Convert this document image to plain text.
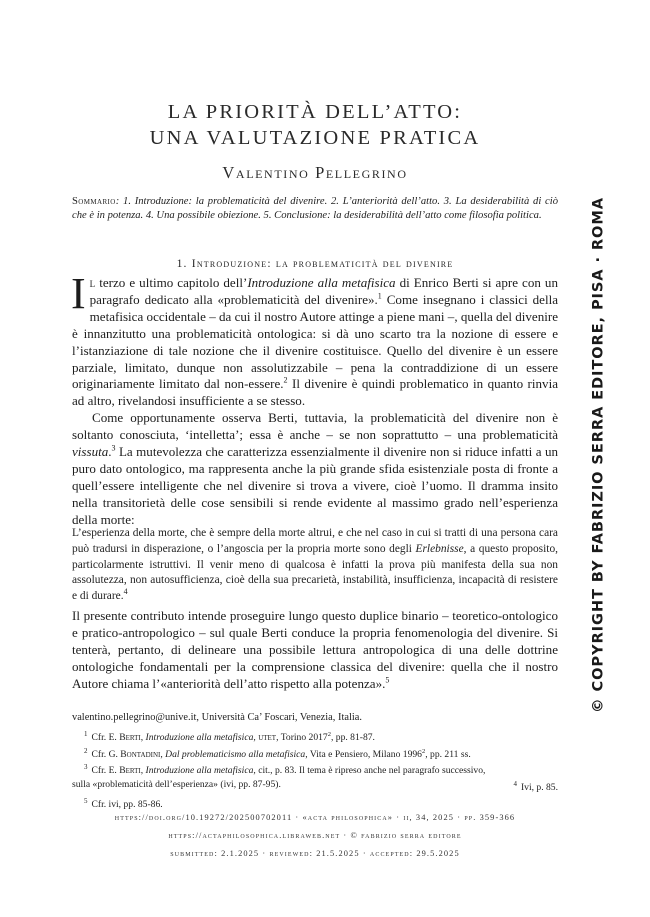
LA PRIORITÀ DELL’ATTO:
UNA VALUTAZIONE PRATICA
Valentino Pellegrino
Sommario: 1. Introduzione: la problematicità del divenire. 2. L’anteriorità dell’atto. 3. La desiderabilità di ciò che è in potenza. 4. Una possibile obiezione. 5. Conclusione: la desiderabilità dell’atto come filosofia politica.
1. Introduzione: la problematicità del divenire

Il terzo e ultimo capitolo dell’Introduzione alla metafisica di Enrico Berti si apre con un paragrafo dedicato alla «problematicità del divenire».$^1$ Come insegnano i classici della metafisica occidentale – da cui il nostro Autore attinge a piene mani –, quella del divenire è innanzitutto una problematicità ontologica: si dà uno scarto tra la nozione di essere e l’istanziazione di tale nozione che il divenire costituisce. Quello del divenire è un essere parziale, limitato, dunque non assolutizzabile – pena la contraddizione di un essere originariamente limitato dal non-essere.$^2$ Il divenire è quindi problematico in quanto rinvia ad altro, rivelandosi insufficiente a se stesso.

Come opportunamente osserva Berti, tuttavia, la problematicità del divenire non è soltanto conosciuta, ‘intelletta’; essa è anche – se non soprattutto – una problematicità vissuta.$^3$ La mutevolezza che caratterizza essenzialmente il divenire non si riduce infatti a un puro dato ontologico, ma rappresenta anche la più grande sfida esistenziale posta di fronte a quell’essere intelligente che nel divenire si trova a vivere, cioè l’uomo. Il dramma insito nella transitorietà delle cose sensibili si rende evidente al massimo grado nell’esperienza della morte:

L’esperienza della morte, che è sempre della morte altrui, e che nel caso in cui si tratti di una persona cara può tradursi in disperazione, o l’angoscia per la propria morte sono degli Erlebnisse, a questo proposito, particolarmente istruttivi. Il venir meno di qualcosa è infatti la prova più manifesta della sua non assolutezza, non autosufficienza, cioè della sua precarietà, instabilità, insufficienza, incapacità di resistere e di durare.$^4$

Il presente contributo intende proseguire lungo questo duplice binario – teoretico-ontologico e pratico-antropologico – sul quale Berti conduce la propria fenomenologia del divenire. Si tenterà, pertanto, di delineare una possibile lettura antropologica di una delle dottrine ontologiche fondamentali per la comprensione classica del divenire: quella che il nostro Autore chiama l’«anteriorità dell’atto rispetto alla potenza».$^5$

valentino.pellegrino@unive.it, Università Ca’ Foscari, Venezia, Italia.

$^1$ Cfr. E. Berti, Introduzione alla metafisica, utet, Torino 2017$^2$, pp. 81-87.

$^2$ Cfr. G. Bontadini, Dal problematicismo alla metafisica, Vita e Pensiero, Milano 1996$^2$, pp. 211 ss.

$^3$ Cfr. E. Berti, Introduzione alla metafisica, cit., p. 83. Il tema è ripreso anche nel paragrafo successivo,

sulla «problematicità dell’esperienza» (ivi, pp. 87-95).	$^4$ Ivi, p. 85.

$^5$ Cfr. ivi, pp. 85-86.

https://doi.org/10.19272/202500702011 · «acta philosophica» · ii, 34, 2025 · pp. 359-366
https://actaphilosophica.libraweb.net · © fabrizio serra editore
submitted: 2.1.2025 · reviewed: 21.5.2025 · accepted: 29.5.2025
© COPYRIGHT BY FABRIZIO SERRA EDITORE, PISA · ROMA
